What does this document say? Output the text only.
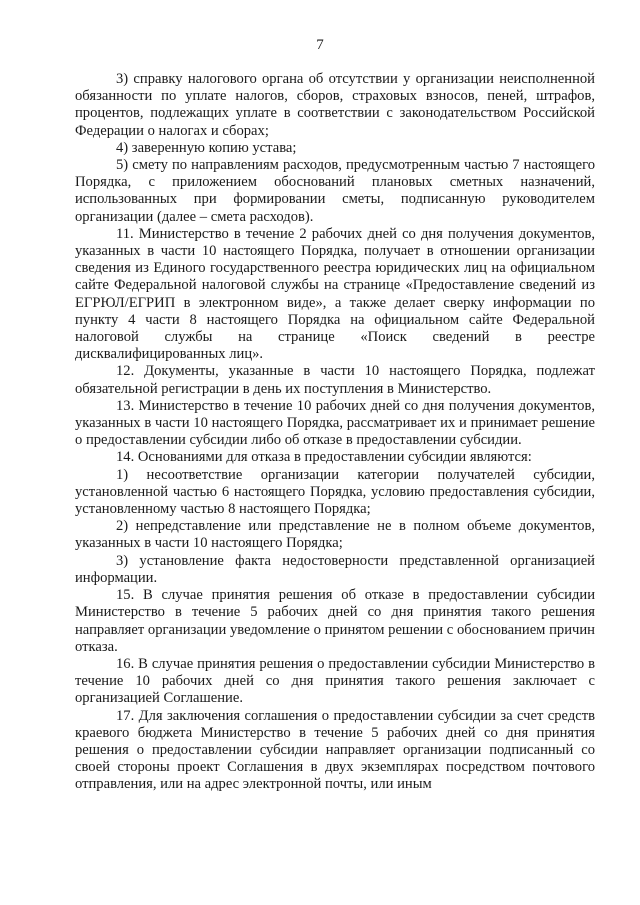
7

3) справку налогового органа об отсутствии у организации неисполненной обязанности по уплате налогов, сборов, страховых взносов, пеней, штрафов, процентов, подлежащих уплате в соответствии с законодательством Российской Федерации о налогах и сборах;

4) заверенную копию устава;

5) смету по направлениям расходов, предусмотренным частью 7 настоящего Порядка, с приложением обоснований плановых сметных назначений, использованных при формировании сметы, подписанную руководителем организации (далее – смета расходов).

11. Министерство в течение 2 рабочих дней со дня получения документов, указанных в части 10 настоящего Порядка, получает в отношении организации сведения из Единого государственного реестра юридических лиц на официальном сайте Федеральной налоговой службы на странице «Предоставление сведений из ЕГРЮЛ/ЕГРИП в электронном виде», а также делает сверку информации по пункту 4 части 8 настоящего Порядка на официальном сайте Федеральной налоговой службы на странице «Поиск сведений в реестре дисквалифицированных лиц».

12. Документы, указанные в части 10 настоящего Порядка, подлежат обязательной регистрации в день их поступления в Министерство.

13. Министерство в течение 10 рабочих дней со дня получения документов, указанных в части 10 настоящего Порядка, рассматривает их и принимает решение о предоставлении субсидии либо об отказе в предоставлении субсидии.

14. Основаниями для отказа в предоставлении субсидии являются:

1) несоответствие организации категории получателей субсидии, установленной частью 6 настоящего Порядка, условию предоставления субсидии, установленному частью 8 настоящего Порядка;

2) непредставление или представление не в полном объеме документов, указанных в части 10 настоящего Порядка;

3) установление факта недостоверности представленной организацией информации.

15. В случае принятия решения об отказе в предоставлении субсидии Министерство в течение 5 рабочих дней со дня принятия такого решения направляет организации уведомление о принятом решении с обоснованием причин отказа.

16. В случае принятия решения о предоставлении субсидии Министерство в течение 10 рабочих дней со дня принятия такого решения заключает с организацией Соглашение.

17. Для заключения соглашения о предоставлении субсидии за счет средств краевого бюджета Министерство в течение 5 рабочих дней со дня принятия решения о предоставлении субсидии направляет организации подписанный со своей стороны проект Соглашения в двух экземплярах посредством почтового отправления, или на адрес электронной почты, или иным
